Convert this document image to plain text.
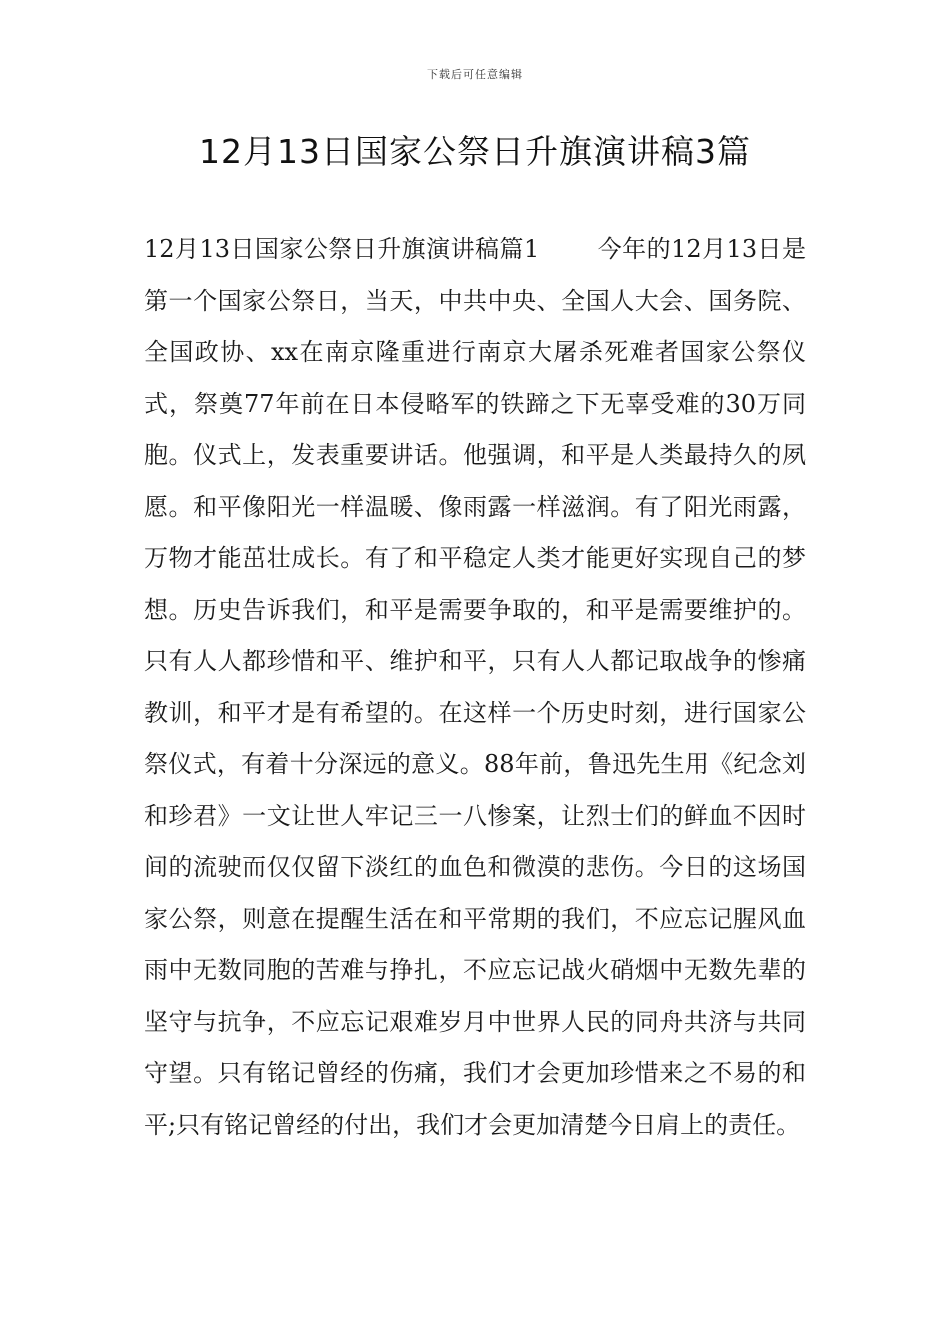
下载后可任意编辑
12月13日国家公祭日升旗演讲稿3篇

12月13日国家公祭日升旗演讲稿篇1 今年的12月13日是第一个国家公祭日，当天，中共中央、全国人大会、国务院、全国政协、xx在南京隆重进行南京大屠杀死难者国家公祭仪式，祭奠77年前在日本侵略军的铁蹄之下无辜受难的30万同胞。仪式上，发表重要讲话。他强调，和平是人类最持久的夙愿。和平像阳光一样温暖、像雨露一样滋润。有了阳光雨露，万物才能茁壮成长。有了和平稳定人类才能更好实现自己的梦想。历史告诉我们，和平是需要争取的，和平是需要维护的。只有人人都珍惜和平、维护和平，只有人人都记取战争的惨痛教训，和平才是有希望的。在这样一个历史时刻，进行国家公祭仪式，有着十分深远的意义。88年前，鲁迅先生用《纪念刘和珍君》一文让世人牢记三一八惨案，让烈士们的鲜血不因时间的流驶而仅仅留下淡红的血色和微漠的悲伤。今日的这场国家公祭，则意在提醒生活在和平常期的我们，不应忘记腥风血雨中无数同胞的苦难与挣扎，不应忘记战火硝烟中无数先辈的坚守与抗争，不应忘记艰难岁月中世界人民的同舟共济与共同守望。只有铭记曾经的伤痛，我们才会更加珍惜来之不易的和平;只有铭记曾经的付出，我们才会更加清楚今日肩上的责任。
